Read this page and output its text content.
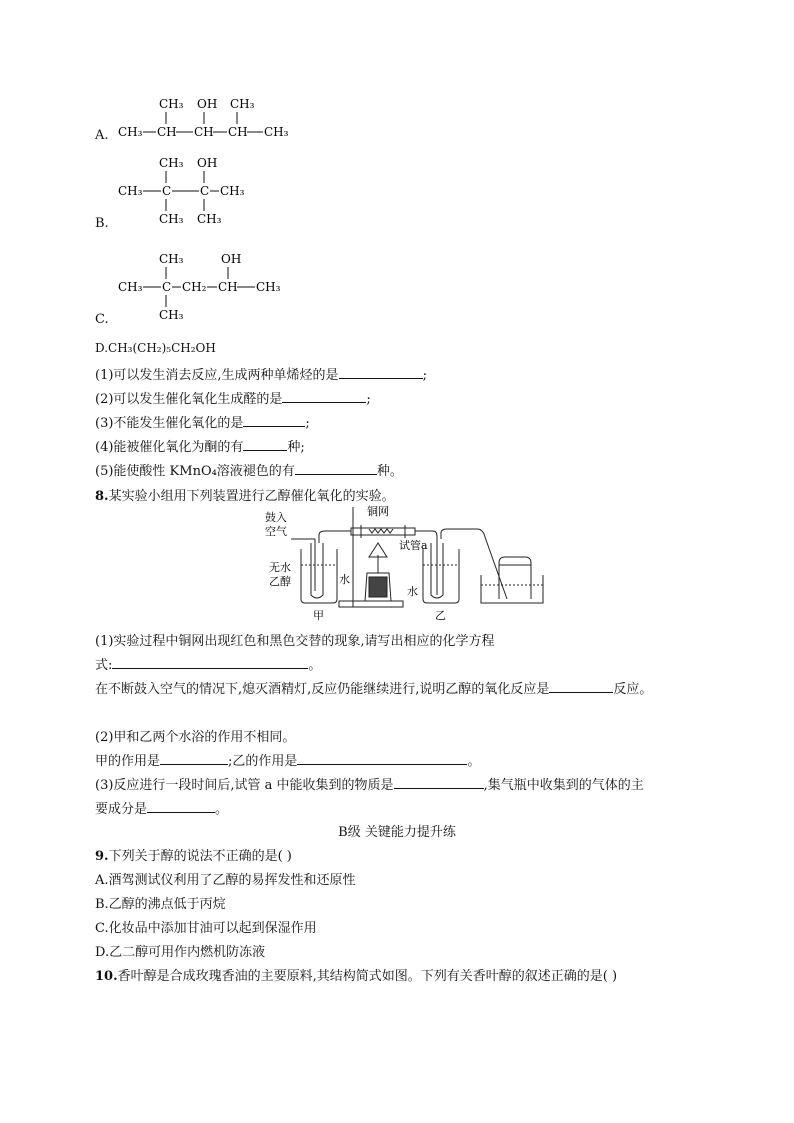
A.
CH₃ OH CH₃
CH₃ CH CH CH CH₃
B.
CH₃ OH
CH₃ C C CH₃
CH₃ CH₃
C.
CH₃	OH
CH₃ C CH₂ CH CH₃
CH₃
D.CH₃(CH₂)₅CH₂OH
(1)可以发生消去反应,生成两种单烯烃的是	;
(2)可以发生催化氧化生成醛的是	;
(3)不能发生催化氧化的是	;
(4)能被催化氧化为酮的有	种;
(5)能使酸性 KMnO₄溶液褪色的有	种。
8.某实验小组用下列装置进行乙醇催化氧化的实验。
鼓入
空气
铜网
试管a
无水
乙醇	水
水
甲	乙
(1)实验过程中铜网出现红色和黑色交替的现象,请写出相应的化学方程
式:	。
在不断鼓入空气的情况下,熄灭酒精灯,反应仍能继续进行,说明乙醇的氧化反应是	反应。
(2)甲和乙两个水浴的作用不相同。
甲的作用是	;乙的作用是	。
(3)反应进行一段时间后,试管 a 中能收集到的物质是	,集气瓶中收集到的气体的主
要成分是	。
B级 关键能力提升练
9.下列关于醇的说法不正确的是( )
A.酒驾测试仪利用了乙醇的易挥发性和还原性
B.乙醇的沸点低于丙烷
C.化妆品中添加甘油可以起到保湿作用
D.乙二醇可用作内燃机防冻液
10.香叶醇是合成玫瑰香油的主要原料,其结构简式如图。下列有关香叶醇的叙述正确的是( )
